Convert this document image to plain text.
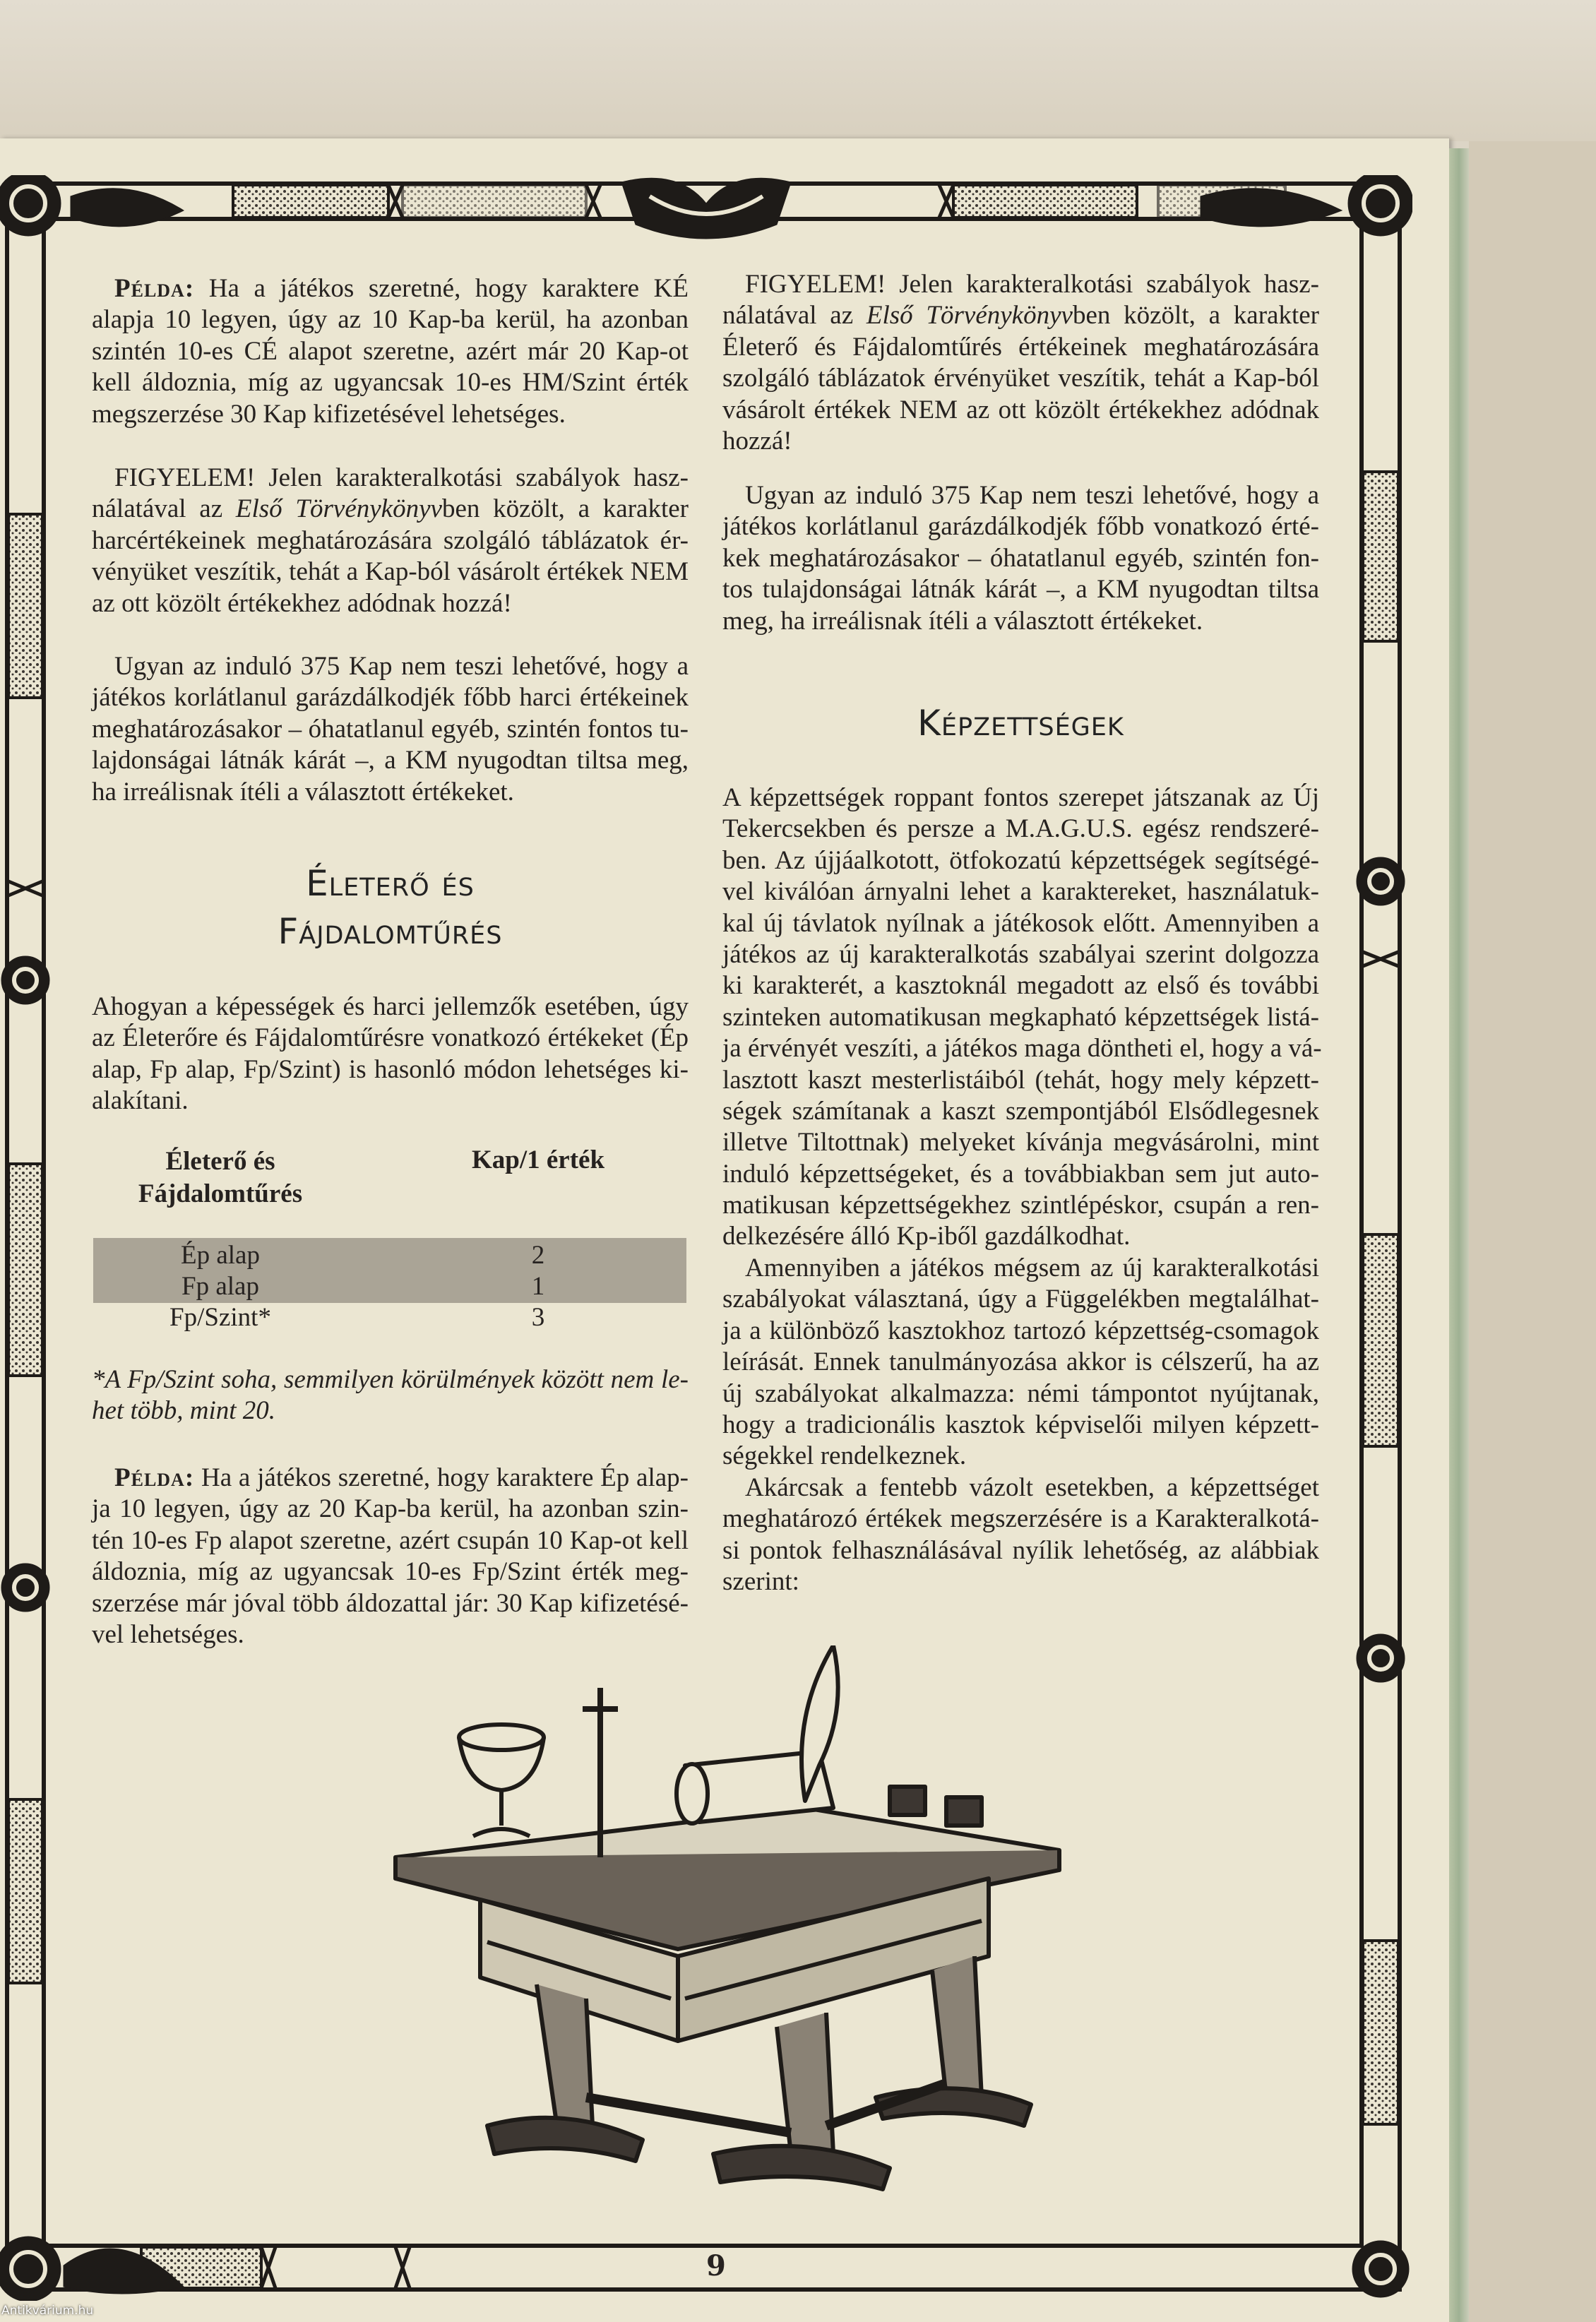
Példa: Ha a játékos szeretné, hogy karaktere KÉ
alapja 10 legyen, úgy az 10 Kap-ba kerül, ha azonban
szintén 10-es CÉ alapot szeretne, azért már 20 Kap-ot
kell áldoznia, míg az ugyancsak 10-es HM/Szint érték
megszerzése 30 Kap kifizetésével lehetséges.
FIGYELEM! Jelen karakteralkotási szabályok hasz-
nálatával az Első Törvénykönyvben közölt, a karakter
harcértékeinek meghatározására szolgáló táblázatok ér-
vényüket veszítik, tehát a Kap-ból vásárolt értékek NEM
az ott közölt értékekhez adódnak hozzá!
Ugyan az induló 375 Kap nem teszi lehetővé, hogy a
játékos korlátlanul garázdálkodjék főbb harci értékeinek
meghatározásakor – óhatatlanul egyéb, szintén fontos tu-
lajdonságai látnák kárát –, a KM nyugodtan tiltsa meg,
ha irreálisnak ítéli a választott értékeket.
Életerő és
Fájdalomtűrés
Ahogyan a képességek és harci jellemzők esetében, úgy
az Életerőre és Fájdalomtűrésre vonatkozó értékeket (Ép
alap, Fp alap, Fp/Szint) is hasonló módon lehetséges ki-
alakítani.
Életerő és
Fájdalomtűrés
Kap/1 érték
Ép alap	2
Fp alap	1
Fp/Szint*	3
*A Fp/Szint soha, semmilyen körülmények között nem le-
het több, mint 20.
Példa: Ha a játékos szeretné, hogy karaktere Ép alap-
ja 10 legyen, úgy az 20 Kap-ba kerül, ha azonban szin-
tén 10-es Fp alapot szeretne, azért csupán 10 Kap-ot kell
áldoznia, míg az ugyancsak 10-es Fp/Szint érték meg-
szerzése már jóval több áldozattal jár: 30 Kap kifizetésé-
vel lehetséges.
FIGYELEM! Jelen karakteralkotási szabályok hasz-
nálatával az Első Törvénykönyvben közölt, a karakter
Életerő és Fájdalomtűrés értékeinek meghatározására
szolgáló táblázatok érvényüket veszítik, tehát a Kap-ból
vásárolt értékek NEM az ott közölt értékekhez adódnak
hozzá!
Ugyan az induló 375 Kap nem teszi lehetővé, hogy a
játékos korlátlanul garázdálkodjék főbb vonatkozó érté-
kek meghatározásakor – óhatatlanul egyéb, szintén fon-
tos tulajdonságai látnák kárát –, a KM nyugodtan tiltsa
meg, ha irreálisnak ítéli a választott értékeket.
Képzettségek
A képzettségek roppant fontos szerepet játszanak az Új
Tekercsekben és persze a M.A.G.U.S. egész rendszeré-
ben. Az újjáalkotott, ötfokozatú képzettségek segítségé-
vel kiválóan árnyalni lehet a karaktereket, használatuk-
kal új távlatok nyílnak a játékosok előtt. Amennyiben a
játékos az új karakteralkotás szabályai szerint dolgozza
ki karakterét, a kasztoknál megadott az első és további
szinteken automatikusan megkapható képzettségek listá-
ja érvényét veszíti, a játékos maga döntheti el, hogy a vá-
lasztott kaszt mesterlistáiból (tehát, hogy mely képzett-
ségek számítanak a kaszt szempontjából Elsődlegesnek
illetve Tiltottnak) melyeket kívánja megvásárolni, mint
induló képzettségeket, és a továbbiakban sem jut auto-
matikusan képzettségekhez szintlépéskor, csupán a ren-
delkezésére álló Kp-iből gazdálkodhat.
Amennyiben a játékos mégsem az új karakteralkotási
szabályokat választaná, úgy a Függelékben megtalálhat-
ja a különböző kasztokhoz tartozó képzettség-csomagok
leírását. Ennek tanulmányozása akkor is célszerű, ha az
új szabályokat alkalmazza: némi támpontot nyújtanak,
hogy a tradicionális kasztok képviselői milyen képzett-
ségekkel rendelkeznek.
Akárcsak a fentebb vázolt esetekben, a képzettséget
meghatározó értékek megszerzésére is a Karakteralkotá-
si pontok felhasználásával nyílik lehetőség, az alábbiak
szerint:
9
Antikvárium.hu
